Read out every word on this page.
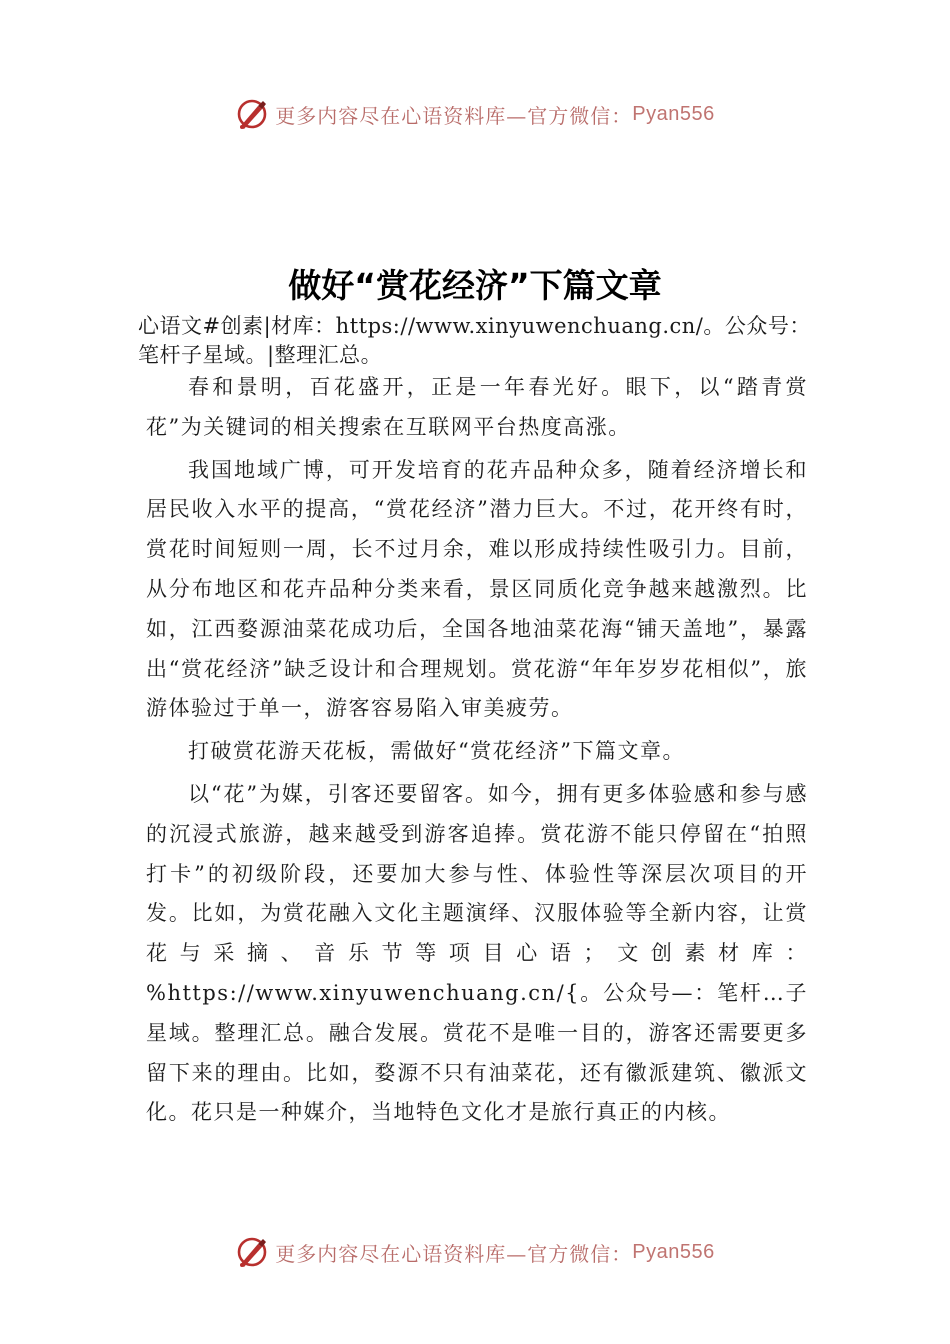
更多内容尽在心语资料库—官方微信： Pyan556
做好“赏花经济”下篇文章
心语文#创素|材库：https://www.xinyuwenchuang.cn/。公众号：笔杆子星域。|整理汇总。

春和景明，百花盛开，正是一年春光好。眼下，以“踏青赏花”为关键词的相关搜索在互联网平台热度高涨。

我国地域广博，可开发培育的花卉品种众多，随着经济增长和居民收入水平的提高，“赏花经济”潜力巨大。不过，花开终有时，赏花时间短则一周，长不过月余，难以形成持续性吸引力。目前，从分布地区和花卉品种分类来看，景区同质化竞争越来越激烈。比如，江西婺源油菜花成功后，全国各地油菜花海“铺天盖地”，暴露出“赏花经济”缺乏设计和合理规划。赏花游“年年岁岁花相似”，旅游体验过于单一，游客容易陷入审美疲劳。

打破赏花游天花板，需做好“赏花经济”下篇文章。

以“花”为媒，引客还要留客。如今，拥有更多体验感和参与感的沉浸式旅游，越来越受到游客追捧。赏花游不能只停留在“拍照打卡”的初级阶段，还要加大参与性、体验性等深层次项目的开发。比如，为赏花融入文化主题演绎、汉服体验等全新内容，让赏花与采摘、音乐节等项目心语；文创素材库：%https://www.xinyuwenchuang.cn/{。公众号—：笔杆…子星域。整理汇总。融合发展。赏花不是唯一目的，游客还需要更多留下来的理由。比如，婺源不只有油菜花，还有徽派建筑、徽派文化。花只是一种媒介，当地特色文化才是旅行真正的内核。

更多内容尽在心语资料库—官方微信： Pyan556
